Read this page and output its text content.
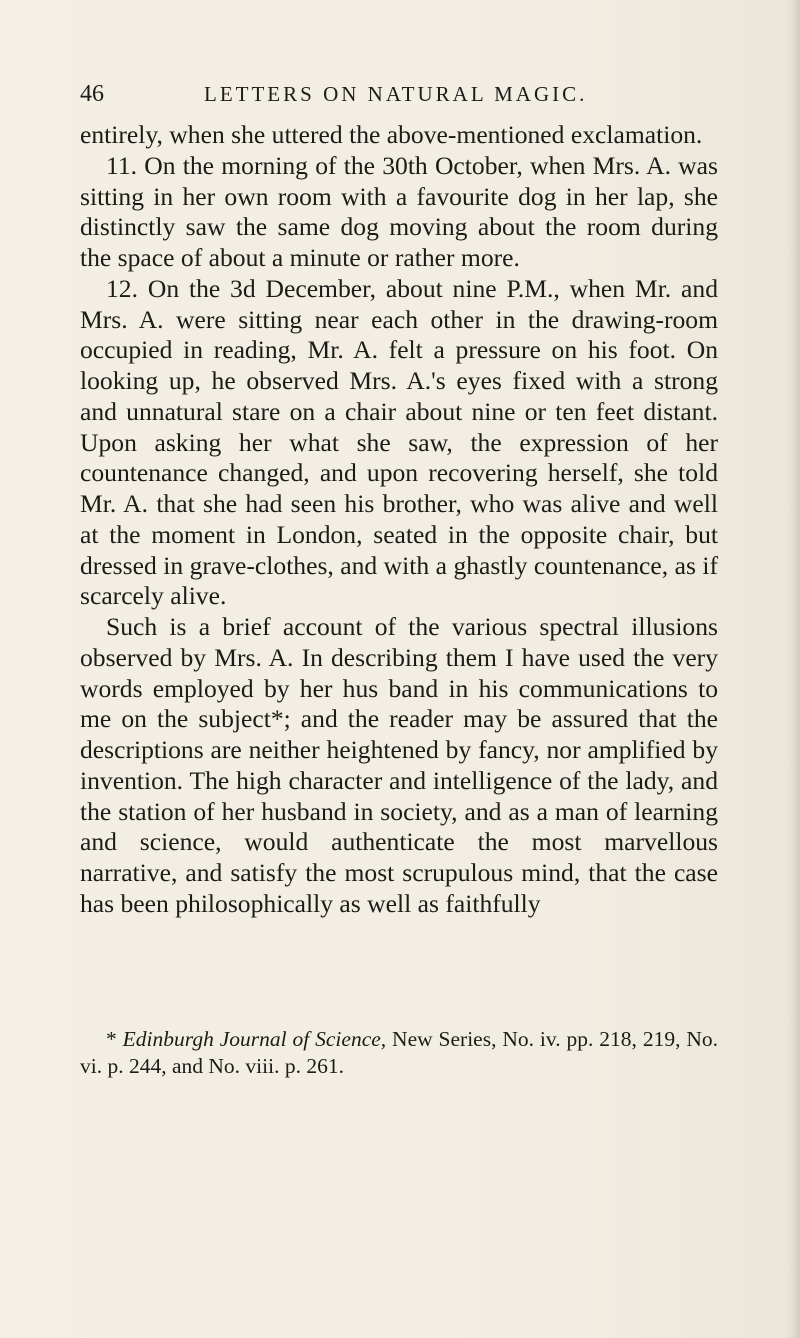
46	LETTERS ON NATURAL MAGIC.

entirely, when she uttered the above-mentioned exclamation.

11. On the morning of the 30th October, when Mrs. A. was sitting in her own room with a favourite dog in her lap, she distinctly saw the same dog moving about the room during the space of about a minute or rather more.

12. On the 3d December, about nine P.M., when Mr. and Mrs. A. were sitting near each other in the drawing-room occupied in reading, Mr. A. felt a pressure on his foot. On looking up, he observed Mrs. A.'s eyes fixed with a strong and unnatural stare on a chair about nine or ten feet distant. Upon asking her what she saw, the expression of her countenance changed, and upon recovering herself, she told Mr. A. that she had seen his brother, who was alive and well at the moment in London, seated in the opposite chair, but dressed in grave-clothes, and with a ghastly countenance, as if scarcely alive.

Such is a brief account of the various spectral illusions observed by Mrs. A. In describing them I have used the very words employed by her hus band in his communications to me on the subject*; and the reader may be assured that the descriptions are neither heightened by fancy, nor amplified by invention. The high character and intelligence of the lady, and the station of her husband in society, and as a man of learning and science, would authenticate the most marvellous narrative, and satisfy the most scrupulous mind, that the case has been philosophically as well as faithfully

* Edinburgh Journal of Science, New Series, No. iv. pp. 218, 219, No. vi. p. 244, and No. viii. p. 261.
